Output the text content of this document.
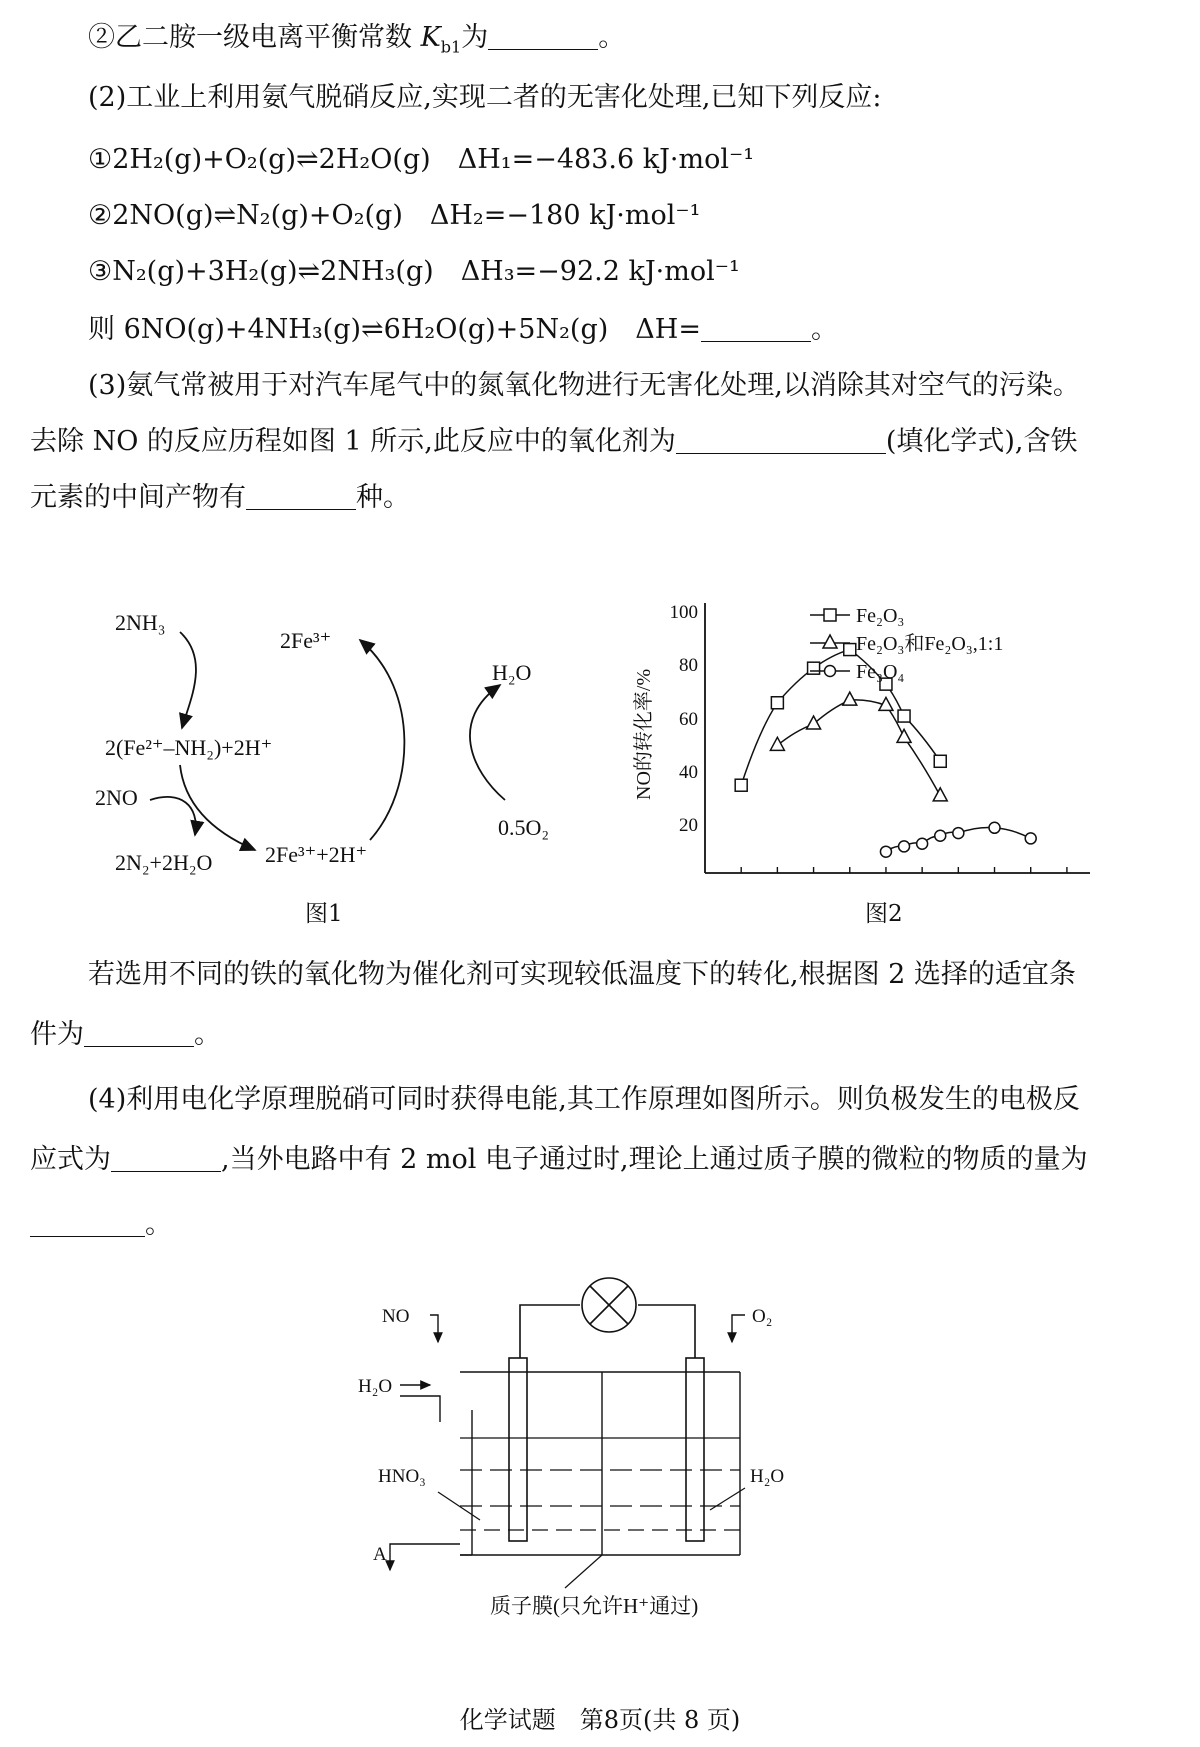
②乙二胺一级电离平衡常数 $K_{b1}$为	。
(2)工业上利用氨气脱硝反应,实现二者的无害化处理,已知下列反应:
①2H₂(g)+O₂(g)⇌2H₂O(g)  ΔH₁=−483.6 kJ·mol⁻¹
②2NO(g)⇌N₂(g)+O₂(g)  ΔH₂=−180 kJ·mol⁻¹
③N₂(g)+3H₂(g)⇌2NH₃(g)  ΔH₃=−92.2 kJ·mol⁻¹
则 6NO(g)+4NH₃(g)⇌6H₂O(g)+5N₂(g)  ΔH=	。
(3)氨气常被用于对汽车尾气中的氮氧化物进行无害化处理,以消除其对空气的污染。
去除 NO 的反应历程如图 1 所示,此反应中的氧化剂为	(填化学式),含铁
元素的中间产物有	种。
2NH₃
2Fe³⁺
2(Fe²⁺–NH₂)+2H⁺
2NO
2N₂+2H₂O 2Fe³⁺+2H⁺
H₂O
0.5O₂
图1
NO的转化率/%
100
80
60
40
20
Fe₂O₃
Fe₂O₃和Fe₂O₃,1:1
Fe₃O₄
图2
若选用不同的铁的氧化物为催化剂可实现较低温度下的转化,根据图 2 选择的适宜条
件为	。
(4)利用电化学原理脱硝可同时获得电能,其工作原理如图所示。则负极发生的电极反
应式为	,当外电路中有 2 mol 电子通过时,理论上通过质子膜的微粒的物质的量为
。
NO	O₂
H₂O
HNO₃	H₂O
A
质子膜(只允许H⁺通过)
化学试题　第8页(共 8 页)
